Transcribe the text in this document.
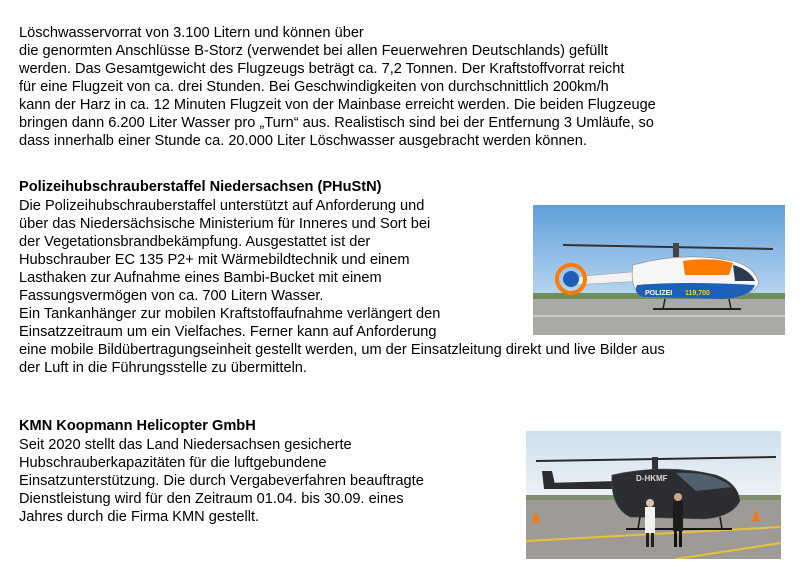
Löschwasservorrat von 3.100 Litern und können über
die genormten Anschlüsse B-Storz (verwendet bei allen Feuerwehren Deutschlands) gefüllt
werden. Das Gesamtgewicht des Flugzeugs beträgt ca. 7,2 Tonnen. Der Kraftstoffvorrat reicht
für eine Flugzeit von ca. drei Stunden. Bei Geschwindigkeiten von durchschnittlich 200km/h
kann der Harz in ca. 12 Minuten Flugzeit von der Mainbase erreicht werden. Die beiden Flugzeuge
bringen dann 6.200 Liter Wasser pro „Turn“ aus. Realistisch sind bei der Entfernung 3 Umläufe, so
dass innerhalb einer Stunde ca. 20.000 Liter Löschwasser ausgebracht werden können.
Polizeihubschrauberstaffel Niedersachsen (PHuStN)
Die Polizeihubschrauberstaffel unterstützt auf Anforderung und
über das Niedersächsische Ministerium für Inneres und Sort bei
der Vegetationsbrandbekämpfung. Ausgestattet ist der
Hubschrauber EC 135 P2+ mit Wärmebildtechnik und einem
Lasthaken zur Aufnahme eines Bambi-Bucket mit einem
Fassungsvermögen von ca. 700 Litern Wasser.
Ein Tankanhänger zur mobilen Kraftstoffaufnahme verlängert den
Einsatzzeitraum um ein Vielfaches. Ferner kann auf Anforderung
eine mobile Bildübertragungseinheit gestellt werden, um der Einsatzleitung direkt und live Bilder aus
der Luft in die Führungsstelle zu übermitteln.
POLIZEI 119,700
KMN Koopmann Helicopter GmbH
Seit 2020 stellt das Land Niedersachsen gesicherte
Hubschrauberkapazitäten für die luftgebundene
Einsatzunterstützung. Die durch Vergabeverfahren beauftragte
Dienstleistung wird für den Zeitraum 01.04. bis 30.09. eines
Jahres durch die Firma KMN gestellt.
D-HKMF
